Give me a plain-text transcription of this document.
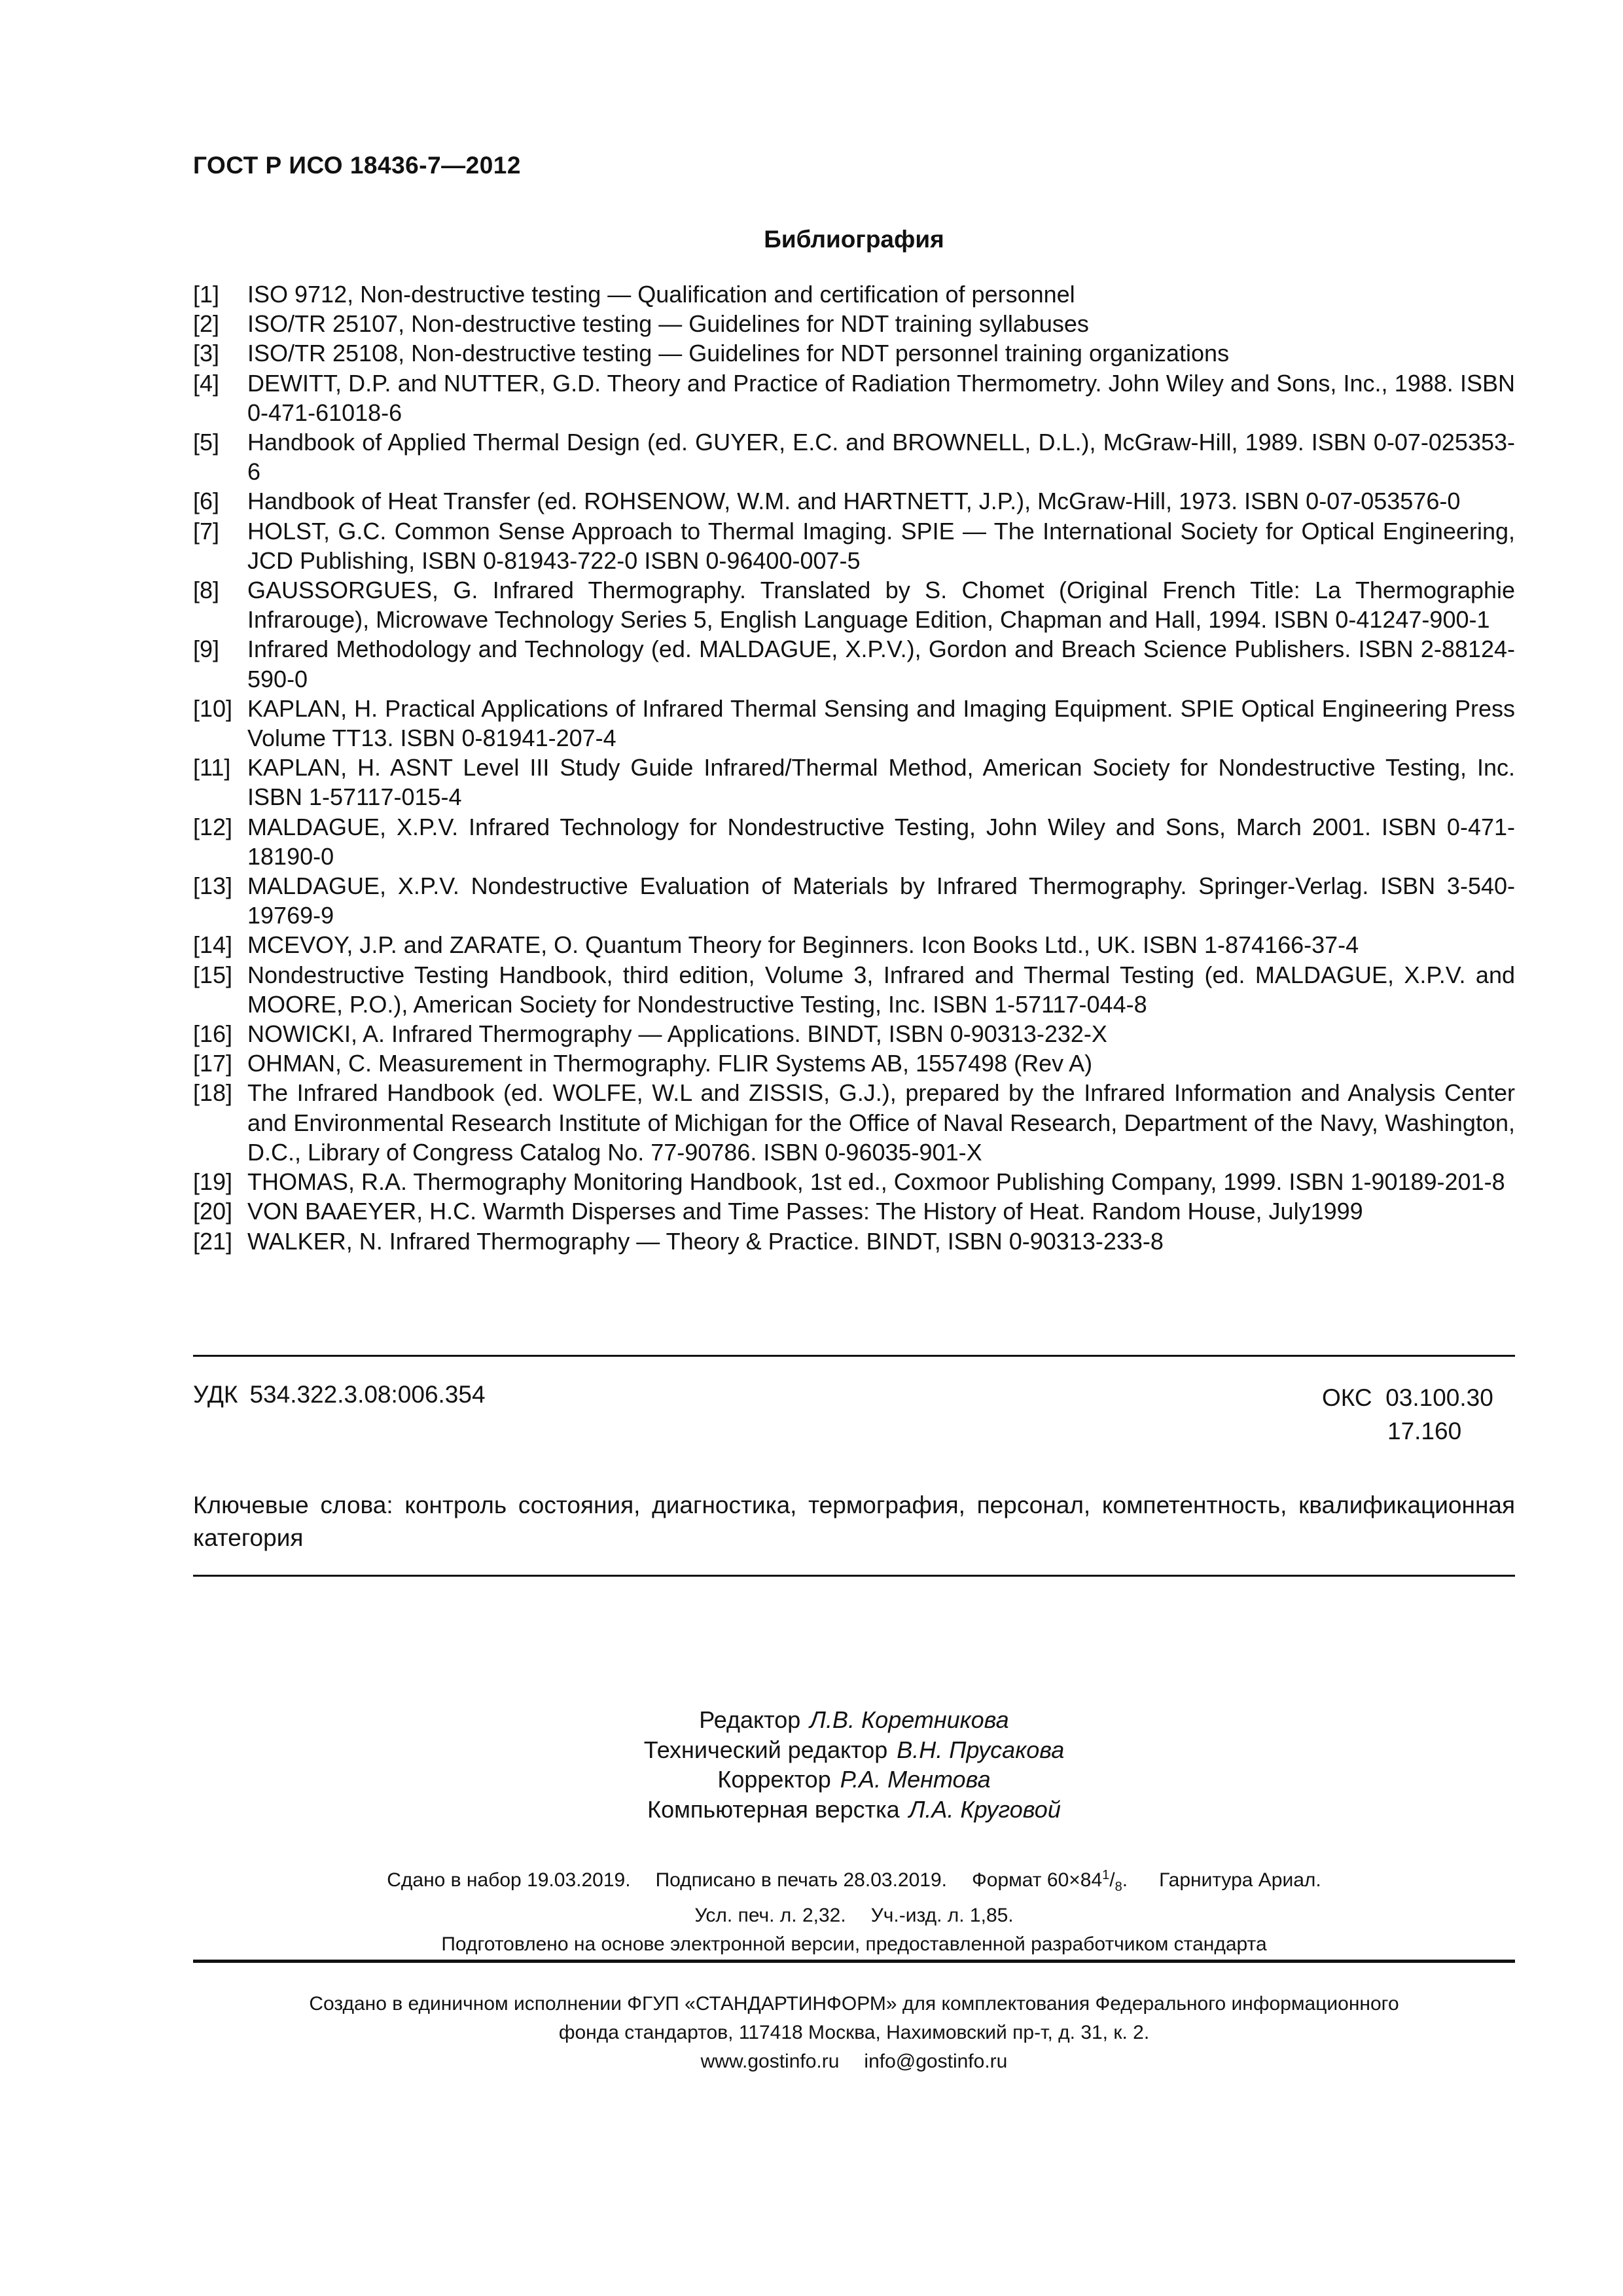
ГОСТ Р ИСО 18436-7—2012
Библиография
[1]	ISO 9712, Non-destructive testing — Qualification and certification of personnel
[2]	ISO/TR 25107, Non-destructive testing — Guidelines for NDT training syllabuses
[3]	ISO/TR 25108, Non-destructive testing — Guidelines for NDT personnel training organizations
[4]	DEWITT, D.P. and NUTTER, G.D. Theory and Practice of Radiation Thermometry. John Wiley and Sons, Inc., 1988. ISBN 0-471-61018-6
[5]	Handbook of Applied Thermal Design (ed. GUYER, E.C. and BROWNELL, D.L.), McGraw-Hill, 1989. ISBN 0-07-025353-6
[6]	Handbook of Heat Transfer (ed. ROHSENOW, W.M. and HARTNETT, J.P.), McGraw-Hill, 1973. ISBN 0-07-053576-0
[7]	HOLST, G.C. Common Sense Approach to Thermal Imaging. SPIE — The International Society for Optical Engineering, JCD Publishing, ISBN 0-81943-722-0 ISBN 0-96400-007-5
[8]	GAUSSORGUES, G. Infrared Thermography. Translated by S. Chomet (Original French Title: La Thermographie Infrarouge), Microwave Technology Series 5, English Language Edition, Chapman and Hall, 1994. ISBN 0-41247-900-1
[9]	Infrared Methodology and Technology (ed. MALDAGUE, X.P.V.), Gordon and Breach Science Publishers. ISBN 2-88124-590-0
[10] KAPLAN, H. Practical Applications of Infrared Thermal Sensing and Imaging Equipment. SPIE Optical Engineering Press Volume TT13. ISBN 0-81941-207-4
[11] KAPLAN, H. ASNT Level III Study Guide Infrared/Thermal Method, American Society for Nondestructive Testing, Inc. ISBN 1-57117-015-4
[12] MALDAGUE, X.P.V. Infrared Technology for Nondestructive Testing, John Wiley and Sons, March 2001. ISBN 0-471-18190-0
[13] MALDAGUE, X.P.V. Nondestructive Evaluation of Materials by Infrared Thermography. Springer-Verlag. ISBN 3-540-19769-9
[14] MCEVOY, J.P. and ZARATE, O. Quantum Theory for Beginners. Icon Books Ltd., UK. ISBN 1-874166-37-4
[15] Nondestructive Testing Handbook, third edition, Volume 3, Infrared and Thermal Testing (ed. MALDAGUE, X.P.V. and MOORE, P.O.), American Society for Nondestructive Testing, Inc. ISBN 1-57117-044-8
[16] NOWICKI, A. Infrared Thermography — Applications. BINDT, ISBN 0-90313-232-X
[17] OHMAN, C. Measurement in Thermography. FLIR Systems AB, 1557498 (Rev A)
[18] The Infrared Handbook (ed. WOLFE, W.L and ZISSIS, G.J.), prepared by the Infrared Information and Analysis Center and Environmental Research Institute of Michigan for the Office of Naval Research, Department of the Navy, Washington, D.C., Library of Congress Catalog No. 77-90786. ISBN 0-96035-901-X
[19] THOMAS, R.A. Thermography Monitoring Handbook, 1st ed., Coxmoor Publishing Company, 1999. ISBN 1-90189-201-8
[20] VON BAAEYER, H.C. Warmth Disperses and Time Passes: The History of Heat. Random House, July1999
[21] WALKER, N. Infrared Thermography — Theory & Practice. BINDT, ISBN 0-90313-233-8
УДК 534.322.3.08:006.354	ОКС 03.100.30
17.160
Ключевые слова: контроль состояния, диагностика, термография, персонал, компетентность, квалификационная категория
Редактор Л.В. Коретникова
Технический редактор В.Н. Прусакова
Корректор Р.А. Ментова
Компьютерная верстка Л.А. Круговой
Сдано в набор 19.03.2019. Подписано в печать 28.03.2019. Формат $60\times 84^1/_8$. Гарнитура Ариал.
Усл. печ. л. 2,32. Уч.-изд. л. 1,85.
Подготовлено на основе электронной версии, предоставленной разработчиком стандарта
Создано в единичном исполнении ФГУП «СТАНДАРТИНФОРМ» для комплектования Федерального информационного
фонда стандартов, 117418 Москва, Нахимовский пр-т, д. 31, к. 2.
www.gostinfo.ru info@gostinfo.ru
